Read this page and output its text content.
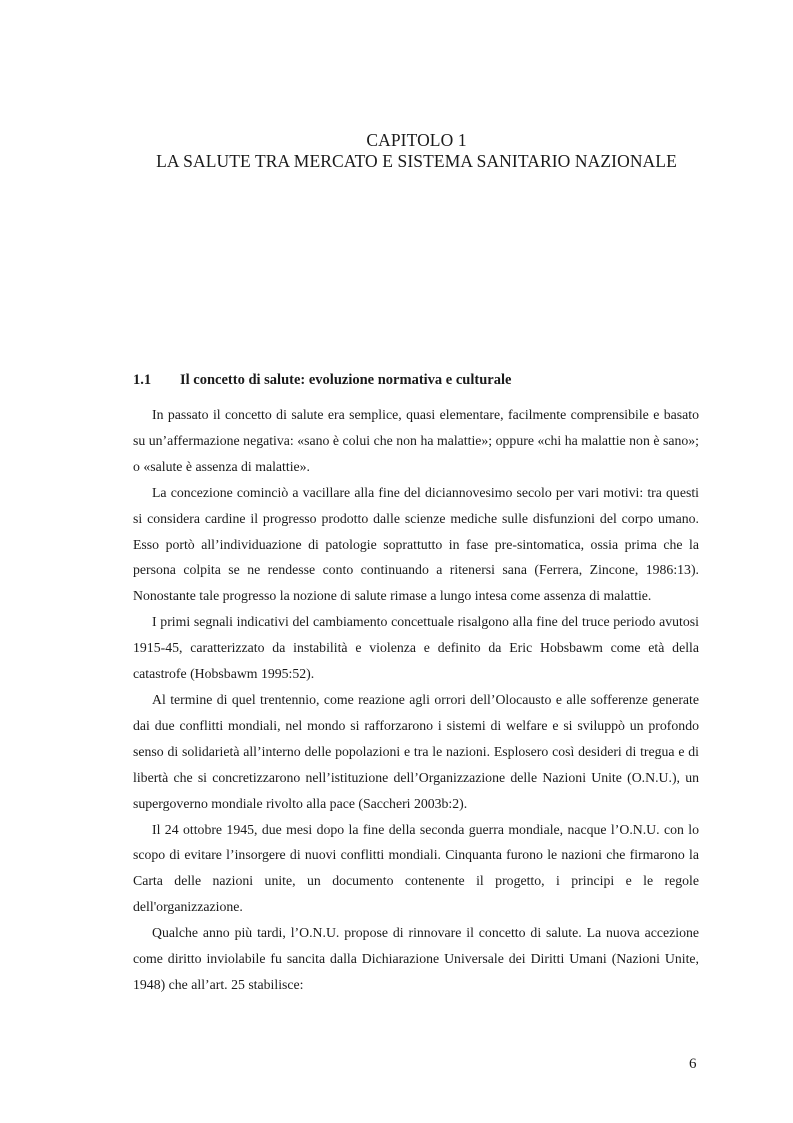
CAPITOLO 1
LA SALUTE TRA MERCATO E SISTEMA SANITARIO NAZIONALE
1.1 Il concetto di salute: evoluzione normativa e culturale

In passato il concetto di salute era semplice, quasi elementare, facilmente comprensibile e basato su un’affermazione negativa: «sano è colui che non ha malattie»; oppure «chi ha malattie non è sano»; o «salute è assenza di malattie».

La concezione cominciò a vacillare alla fine del diciannovesimo secolo per vari motivi: tra questi si considera cardine il progresso prodotto dalle scienze mediche sulle disfunzioni del corpo umano. Esso portò all’individuazione di patologie soprattutto in fase pre-sintomatica, ossia prima che la persona colpita se ne rendesse conto continuando a ritenersi sana (Ferrera, Zincone, 1986:13). Nonostante tale progresso la nozione di salute rimase a lungo intesa come assenza di malattie.

I primi segnali indicativi del cambiamento concettuale risalgono alla fine del truce periodo avutosi 1915-45, caratterizzato da instabilità e violenza e definito da Eric Hobsbawm come età della catastrofe (Hobsbawm 1995:52).

Al termine di quel trentennio, come reazione agli orrori dell’Olocausto e alle sofferenze generate dai due conflitti mondiali, nel mondo si rafforzarono i sistemi di welfare e si sviluppò un profondo senso di solidarietà all’interno delle popolazioni e tra le nazioni. Esplosero così desideri di tregua e di libertà che si concretizzarono nell’istituzione dell’Organizzazione delle Nazioni Unite (O.N.U.), un supergoverno mondiale rivolto alla pace (Saccheri 2003b:2).

Il 24 ottobre 1945, due mesi dopo la fine della seconda guerra mondiale, nacque l’O.N.U. con lo scopo di evitare l’insorgere di nuovi conflitti mondiali. Cinquanta furono le nazioni che firmarono la Carta delle nazioni unite, un documento contenente il progetto, i principi e le regole dell'organizzazione.

Qualche anno più tardi, l’O.N.U. propose di rinnovare il concetto di salute. La nuova accezione come diritto inviolabile fu sancita dalla Dichiarazione Universale dei Diritti Umani (Nazioni Unite, 1948) che all’art. 25 stabilisce:

6
